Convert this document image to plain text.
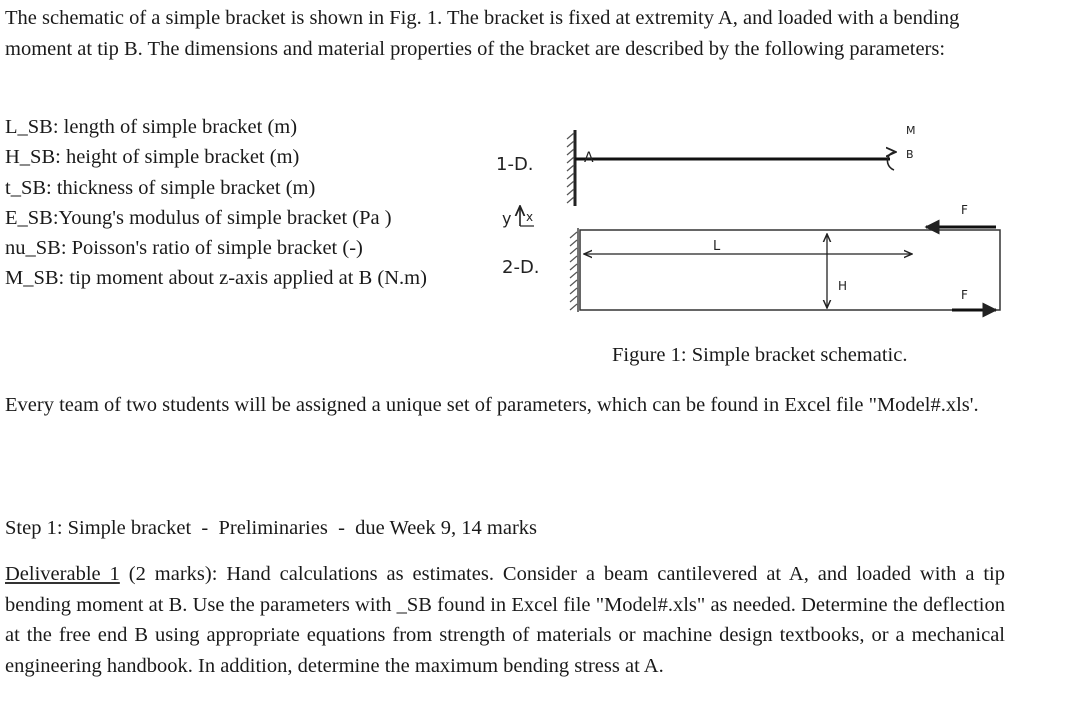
The schematic of a simple bracket is shown in Fig. 1. The bracket is fixed at extremity A, and loaded with a bending moment at tip B. The dimensions and material properties of the bracket are described by the following parameters:

L_SB: length of simple bracket (m)
H_SB: height of simple bracket (m)
t_SB: thickness of simple bracket (m)
E_SB:Young's modulus of simple bracket (Pa )
nu_SB: Poisson's ratio of simple bracket (-)
M_SB: tip moment about z-axis applied at B (N.m)
1-D.
2-D.
y x
A
M
B
F
F
L
H
Figure 1: Simple bracket schematic.

Every team of two students will be assigned a unique set of parameters, which can be found in Excel file "Model#.xls'.

Step 1: Simple bracket - Preliminaries - due Week 9, 14 marks

Deliverable 1 (2 marks): Hand calculations as estimates. Consider a beam cantilevered at A, and loaded with a tip bending moment at B. Use the parameters with _SB found in Excel file "Model#.xls" as needed. Determine the deflection at the free end B using appropriate equations from strength of materials or machine design textbooks, or a mechanical engineering handbook. In addition, determine the maximum bending stress at A.
